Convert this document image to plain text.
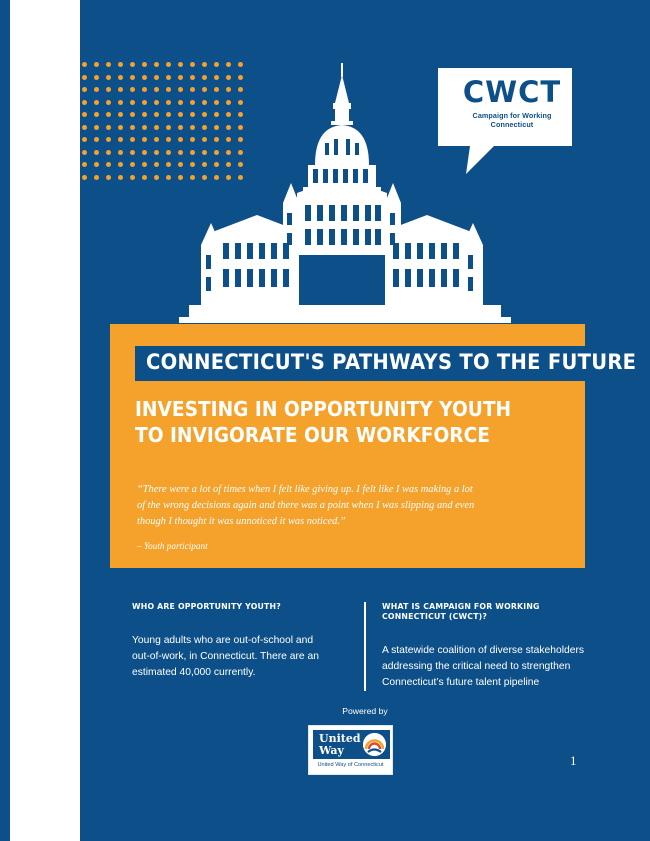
CWCT
Campaign for Working Connecticut
CONNECTICUT'S PATHWAYS TO THE FUTURE
INVESTING IN OPPORTUNITY YOUTH
TO INVIGORATE OUR WORKFORCE
“There were a lot of times when I felt like giving up. I felt like I was making a lot of the wrong decisions again and there was a point when I was slipping and even though I thought it was unnoticed it was noticed.”
– Youth participant
WHO ARE OPPORTUNITY YOUTH?
Young adults who are out-of-school and out-of-work, in Connecticut. There are an estimated 40,000 currently.
WHAT IS CAMPAIGN FOR WORKING CONNECTICUT (CWCT)?
A statewide coalition of diverse stakeholders addressing the critical need to strengthen Connecticut’s future talent pipeline
Powered by
United
Way
United Way of Connecticut	1
